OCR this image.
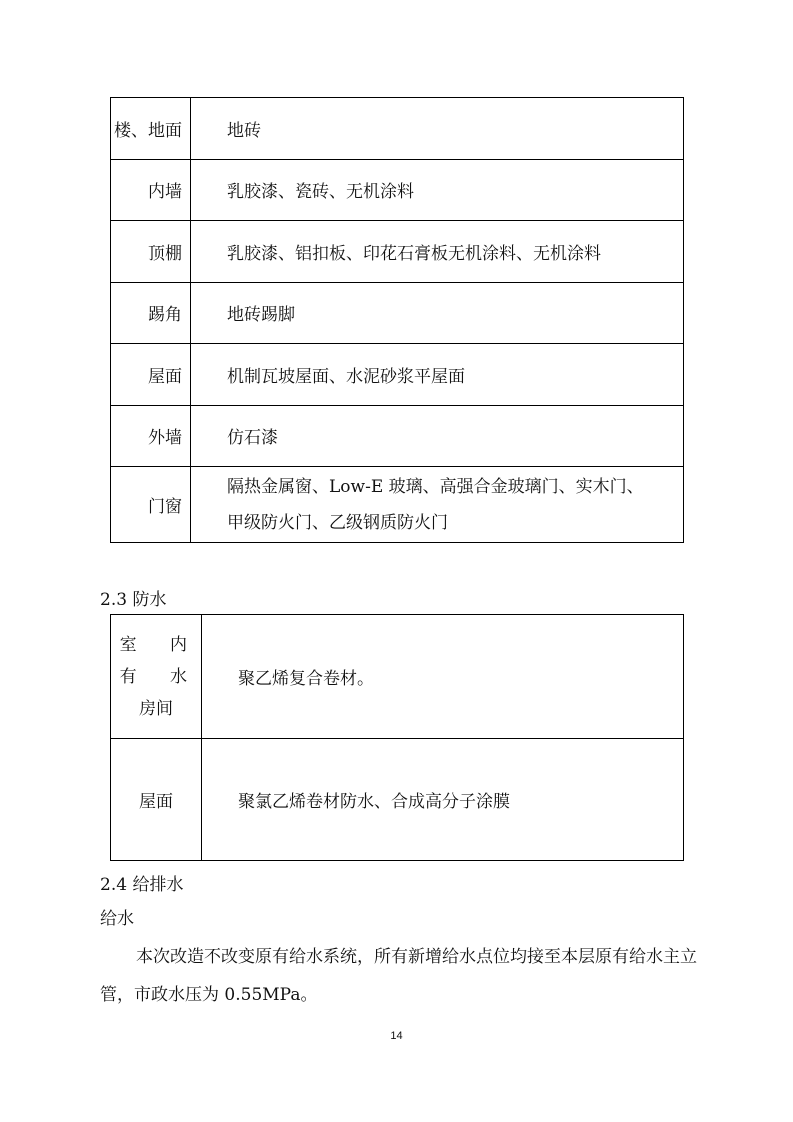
楼、地面	地砖
内墙	乳胶漆、瓷砖、无机涂料
顶棚	乳胶漆、铝扣板、印花石膏板无机涂料、无机涂料
踢角	地砖踢脚
屋面	机制瓦坡屋面、水泥砂浆平屋面
外墙	仿石漆
门窗	隔热金属窗、Low-E 玻璃、高强合金玻璃门、实木门、
甲级防火门、乙级钢质防火门
2.3 防水
室 内
有 水
房间	聚乙烯复合卷材。
屋面	聚氯乙烯卷材防水、合成高分子涂膜
2.4 给排水
给水
本次改造不改变原有给水系统，所有新增给水点位均接至本层原有给水主立管，市政水压为 0.55MPa。
14
